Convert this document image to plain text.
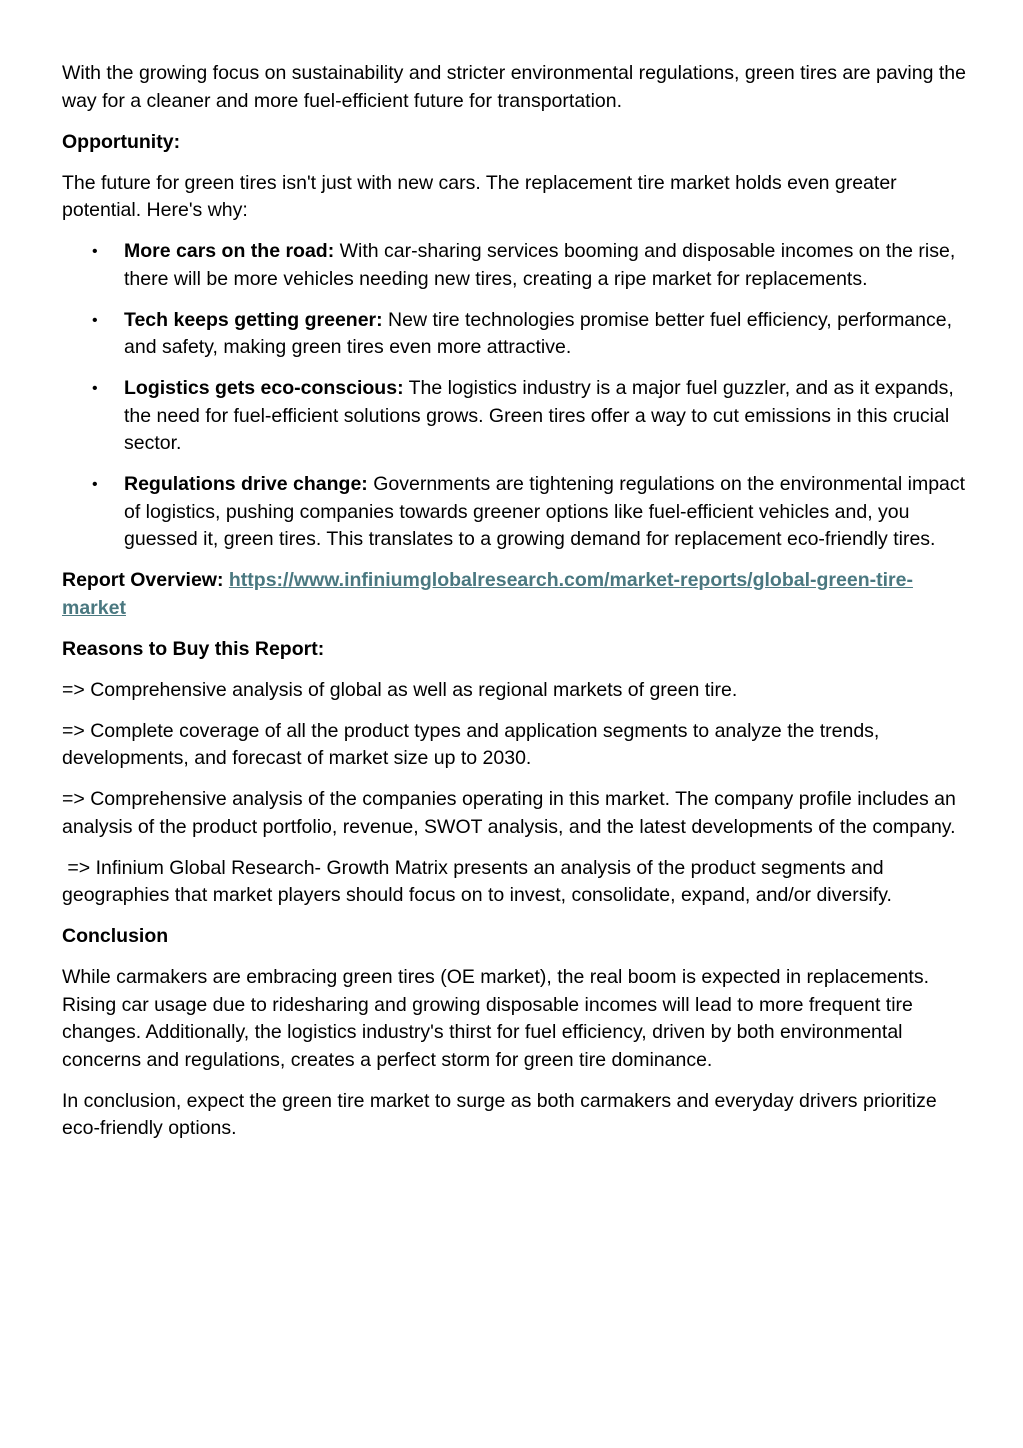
With the growing focus on sustainability and stricter environmental regulations, green tires are paving the way for a cleaner and more fuel-efficient future for transportation.

Opportunity:

The future for green tires isn't just with new cars. The replacement tire market holds even greater potential. Here's why:

• More cars on the road: With car-sharing services booming and disposable incomes on the rise, there will be more vehicles needing new tires, creating a ripe market for replacements.
• Tech keeps getting greener: New tire technologies promise better fuel efficiency, performance, and safety, making green tires even more attractive.
• Logistics gets eco-conscious: The logistics industry is a major fuel guzzler, and as it expands, the need for fuel-efficient solutions grows. Green tires offer a way to cut emissions in this crucial sector.
• Regulations drive change: Governments are tightening regulations on the environmental impact of logistics, pushing companies towards greener options like fuel-efficient vehicles and, you guessed it, green tires. This translates to a growing demand for replacement eco-friendly tires.

Report Overview: https://www.infiniumglobalresearch.com/market-reports/global-green-tire-market

Reasons to Buy this Report:

=> Comprehensive analysis of global as well as regional markets of green tire.

=> Complete coverage of all the product types and application segments to analyze the trends, developments, and forecast of market size up to 2030.

=> Comprehensive analysis of the companies operating in this market. The company profile includes an analysis of the product portfolio, revenue, SWOT analysis, and the latest developments of the company.

=> Infinium Global Research- Growth Matrix presents an analysis of the product segments and geographies that market players should focus on to invest, consolidate, expand, and/or diversify.

Conclusion

While carmakers are embracing green tires (OE market), the real boom is expected in replacements. Rising car usage due to ridesharing and growing disposable incomes will lead to more frequent tire changes. Additionally, the logistics industry's thirst for fuel efficiency, driven by both environmental concerns and regulations, creates a perfect storm for green tire dominance.

In conclusion, expect the green tire market to surge as both carmakers and everyday drivers prioritize eco-friendly options.
